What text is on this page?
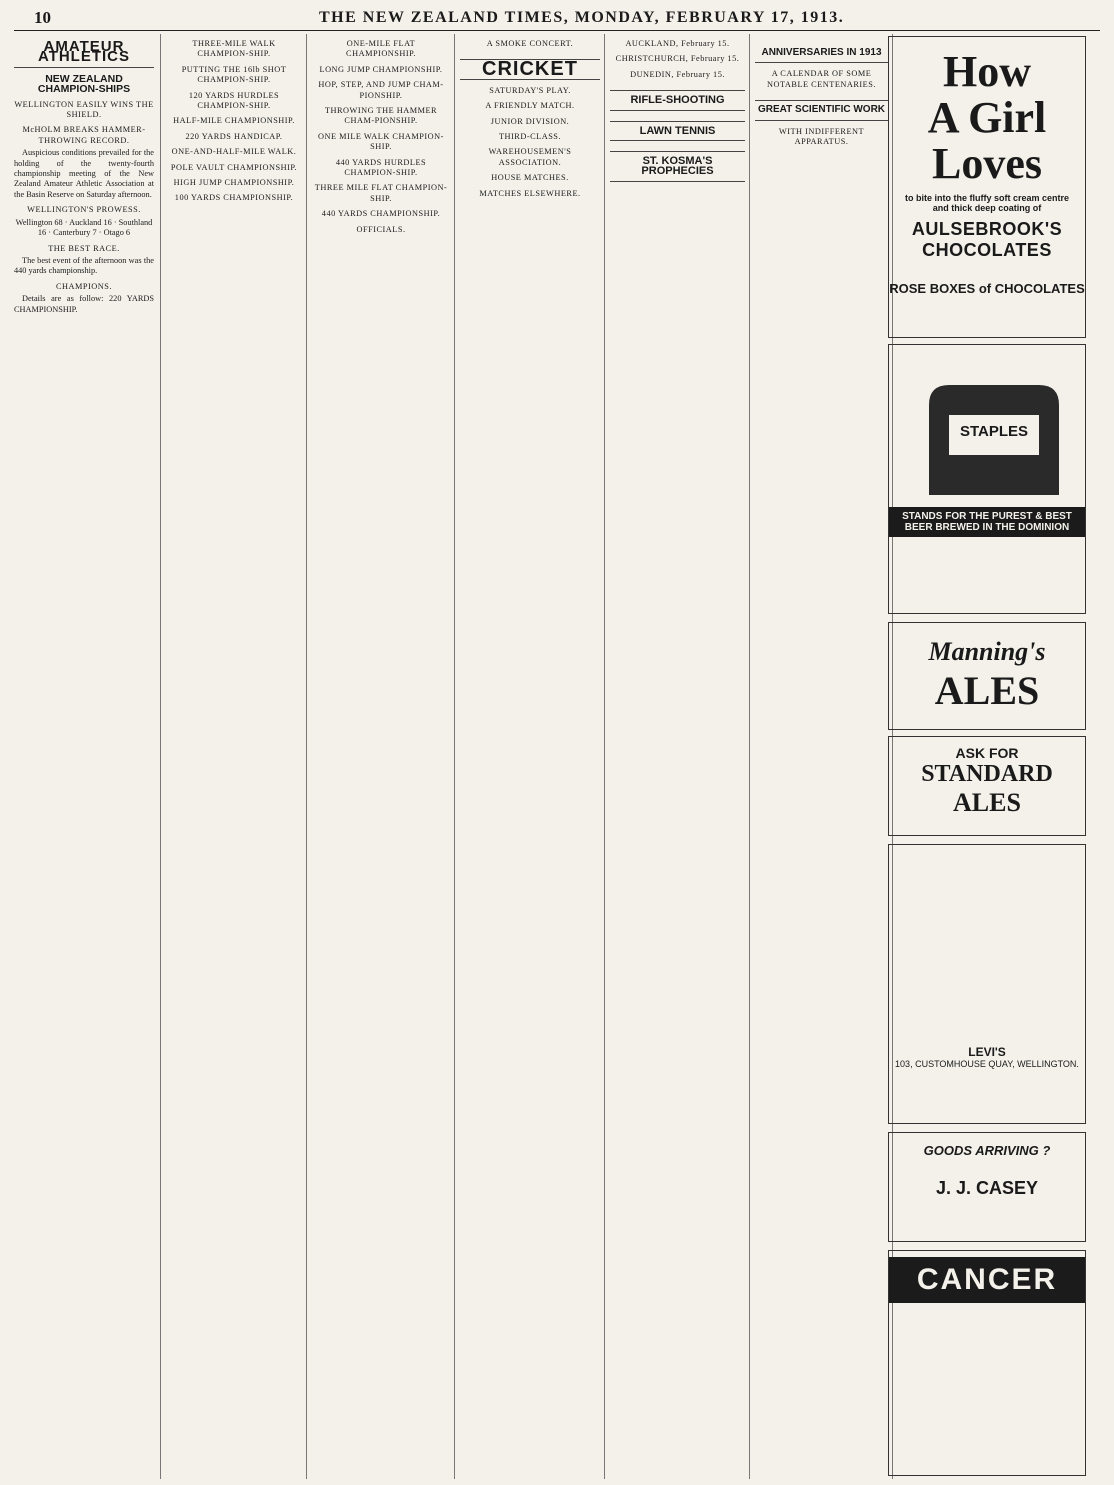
10	THE NEW ZEALAND TIMES, MONDAY, FEBRUARY 17, 1913.
AMATEUR ATHLETICS
NEW ZEALAND CHAMPION-SHIPS
WELLINGTON EASILY WINS THE SHIELD.
McHOLM BREAKS HAMMER-THROWING RECORD.

Auspicious conditions prevailed for the holding of the twenty-fourth championship meeting of the New Zealand Amateur Athletic Association at the Basin Reserve on Saturday afternoon.

WELLINGTON'S PROWESS.

Wellington 68 · Auckland 16 · Southland 16 · Canterbury 7 · Otago 6

THE BEST RACE.

The best event of the afternoon was the 440 yards championship.

CHAMPIONS.

Details are as follow: 220 YARDS CHAMPIONSHIP.

THREE-MILE WALK CHAMPION-SHIP.
PUTTING THE 16lb SHOT CHAMPION-SHIP.
120 YARDS HURDLES CHAMPION-SHIP.
HALF-MILE CHAMPIONSHIP.
220 YARDS HANDICAP.
ONE-AND-HALF-MILE WALK.
POLE VAULT CHAMPIONSHIP.
HIGH JUMP CHAMPIONSHIP.
100 YARDS CHAMPIONSHIP.
ONE-MILE FLAT CHAMPIONSHIP.
LONG JUMP CHAMPIONSHIP.
HOP, STEP, AND JUMP CHAM-PIONSHIP.
THROWING THE HAMMER CHAM-PIONSHIP.
ONE MILE WALK CHAMPION-SHIP.
440 YARDS HURDLES CHAMPION-SHIP.
THREE MILE FLAT CHAMPION-SHIP.
440 YARDS CHAMPIONSHIP.
OFFICIALS.
A SMOKE CONCERT.
CRICKET
SATURDAY'S PLAY.
A FRIENDLY MATCH.
JUNIOR DIVISION.
THIRD-CLASS.
WAREHOUSEMEN'S ASSOCIATION.
HOUSE MATCHES.
MATCHES ELSEWHERE.
AUCKLAND, February 15.
CHRISTCHURCH, February 15.
DUNEDIN, February 15.
RIFLE-SHOOTING
LAWN TENNIS
ST. KOSMA'S PROPHECIES
ANNIVERSARIES IN 1913
A CALENDAR OF SOME NOTABLE CENTENARIES.
GREAT SCIENTIFIC WORK
WITH INDIFFERENT APPARATUS.
How
A Girl
Loves
to bite into the fluffy soft cream centre and thick deep coating of
AULSEBROOK'S
CHOCOLATES
ROSE BOXES of CHOCOLATES
STAPLES
STANDS FOR THE PUREST & BEST BEER BREWED IN THE DOMINION
Manning's
ALES
ASK FOR
STANDARD
ALES
LEVI'S
103, CUSTOMHOUSE QUAY, WELLINGTON.
GOODS ARRIVING ?
J. J. CASEY
CANCER
